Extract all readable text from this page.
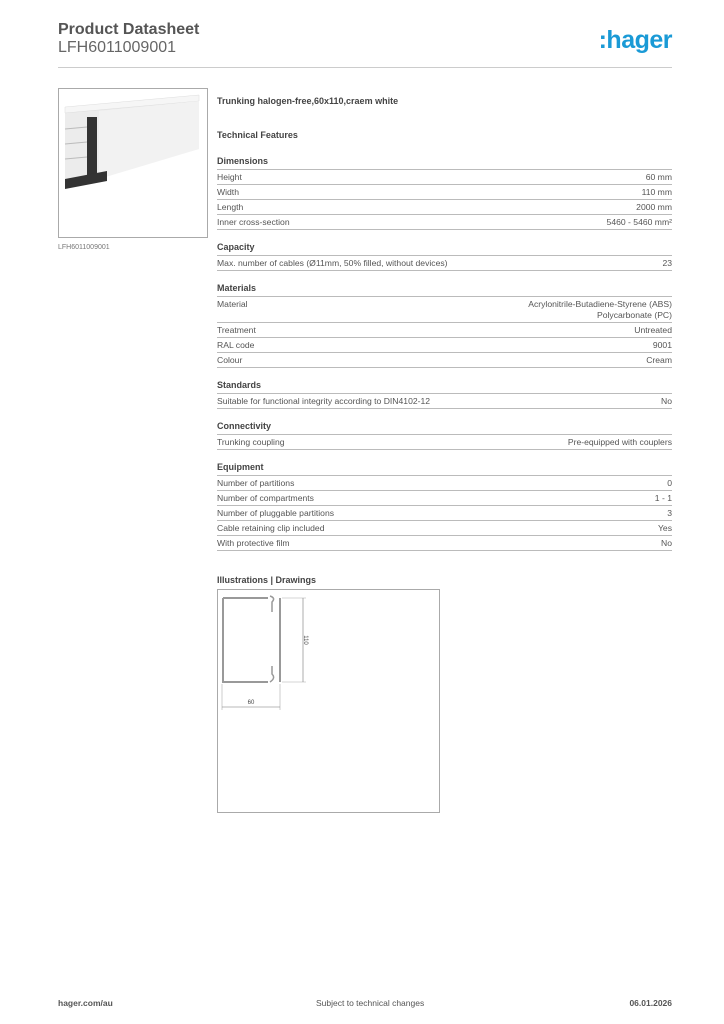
Product Datasheet
LFH6011009001	:hager
LFH6011009001
Trunking halogen-free,60x110,craem white
Technical Features
Dimensions
Height	60 mm
Width	110 mm
Length	2000 mm
Inner cross-section	5460 - 5460 mm²
Capacity
Max. number of cables (Ø11mm, 50% filled, without devices)	23
Materials
Material	Acrylonitrile-Butadiene-Styrene (ABS)
Polycarbonate (PC)
Treatment	Untreated
RAL code	9001
Colour	Cream
Standards
Suitable for functional integrity according to DIN4102-12	No
Connectivity
Trunking coupling	Pre-equipped with couplers
Equipment
Number of partitions	0
Number of compartments	1 - 1
Number of pluggable partitions	3
Cable retaining clip included	Yes
With protective film	No
Illustrations | Drawings
110
60
hager.com/au	Subject to technical changes	06.01.2026
